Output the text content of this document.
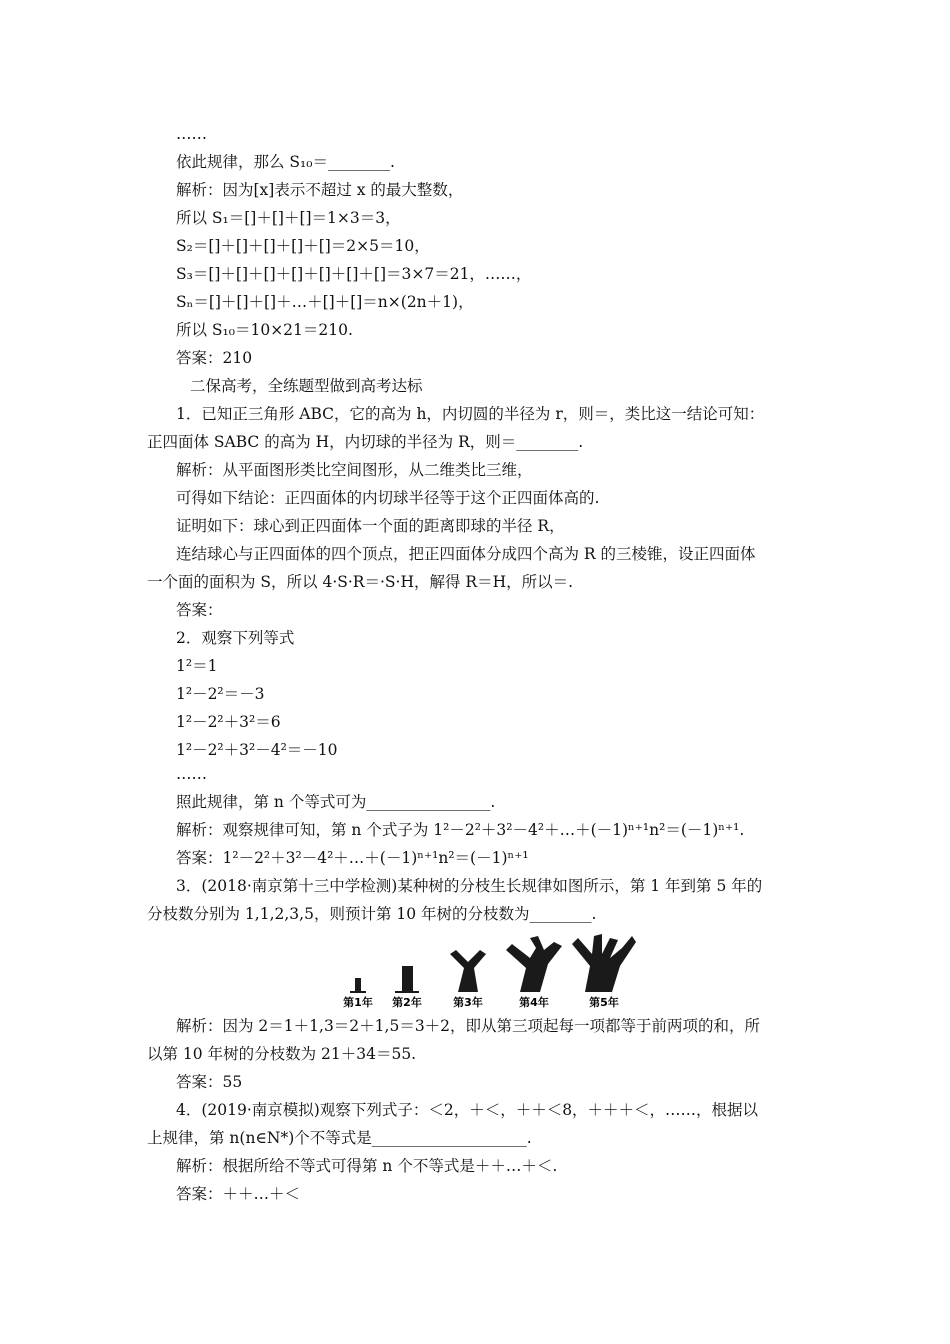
……
依此规律，那么 S₁₀＝________.
解析：因为[x]表示不超过 x 的最大整数，
所以 S₁＝[]＋[]＋[]＝1×3＝3，
S₂＝[]＋[]＋[]＋[]＋[]＝2×5＝10，
S₃＝[]＋[]＋[]＋[]＋[]＋[]＋[]＝3×7＝21，……，
Sₙ＝[]＋[]＋[]＋…＋[]＋[]＝n×(2n＋1)，
所以 S₁₀＝10×21＝210.
答案：210
二保高考，全练题型做到高考达标
1．已知正三角形 ABC，它的高为 h，内切圆的半径为 r，则＝，类比这一结论可知：
正四面体 SABC 的高为 H，内切球的半径为 R，则＝________.
解析：从平面图形类比空间图形，从二维类比三维，
可得如下结论：正四面体的内切球半径等于这个正四面体高的.
证明如下：球心到正四面体一个面的距离即球的半径 R，
连结球心与正四面体的四个顶点，把正四面体分成四个高为 R 的三棱锥，设正四面体
一个面的面积为 S，所以 4·S·R＝·S·H，解得 R＝H，所以＝.
答案：
2．观察下列等式
1²＝1
1²－2²＝－3
1²－2²＋3²＝6
1²－2²＋3²－4²＝－10
……
照此规律，第 n 个等式可为________________.
解析：观察规律可知，第 n 个式子为 1²－2²＋3²－4²＋…＋(－1)ⁿ⁺¹n²＝(－1)ⁿ⁺¹.
答案：1²－2²＋3²－4²＋…＋(－1)ⁿ⁺¹n²＝(－1)ⁿ⁺¹
3．(2018·南京第十三中学检测)某种树的分枝生长规律如图所示，第 1 年到第 5 年的
分枝数分别为 1,1,2,3,5，则预计第 10 年树的分枝数为________.
第1年 第2年	第3年	第4年	第5年
解析：因为 2＝1＋1,3＝2＋1,5＝3＋2，即从第三项起每一项都等于前两项的和，所
以第 10 年树的分枝数为 21＋34＝55.
答案：55
4．(2019·南京模拟)观察下列式子：＜2，＋＜，＋＋＜8，＋＋＋＜，……，根据以
上规律，第 n(n∈N*)个不等式是____________________.
解析：根据所给不等式可得第 n 个不等式是＋＋…＋＜.
答案：＋＋…＋＜
